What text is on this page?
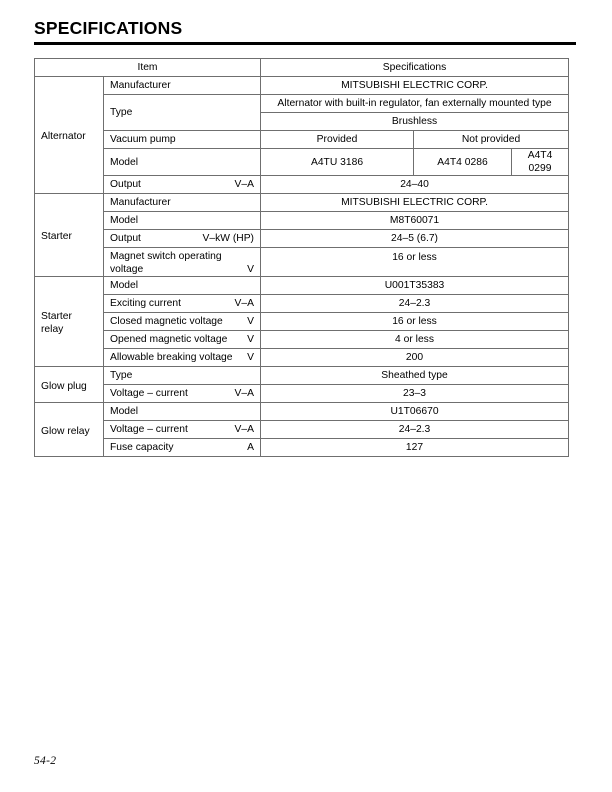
SPECIFICATIONS
Item		Specifications		

Alternator	Manufacturer	MITSUBISHI ELECTRIC CORP.		

	Type	Alternator with built-in regulator, fan externally mounted type		

		Brushless		

	Vacuum pump	Provided	Not provided	

	Model	A4TU 3186	A4T4 0286	A4T4 0299

	Output V–A	24–40		

Starter	Manufacturer	MITSUBISHI ELECTRIC CORP.		

	Model	M8T60071		

	Output V–kW (HP)	24–5 (6.7)		

	Magnet switch operating voltage V	16 or less		

Starter relay	Model	U001T35383		

	Exciting current V–A	24–2.3		

	Closed magnetic voltage V	16 or less		

	Opened magnetic voltage V	4 or less		

	Allowable breaking voltage V	200		

Glow plug	Type	Sheathed type		

	Voltage – current V–A	23–3		

Glow relay	Model	U1T06670		

	Voltage – current V–A	24–2.3		

	Fuse capacity A	127		
54-2
